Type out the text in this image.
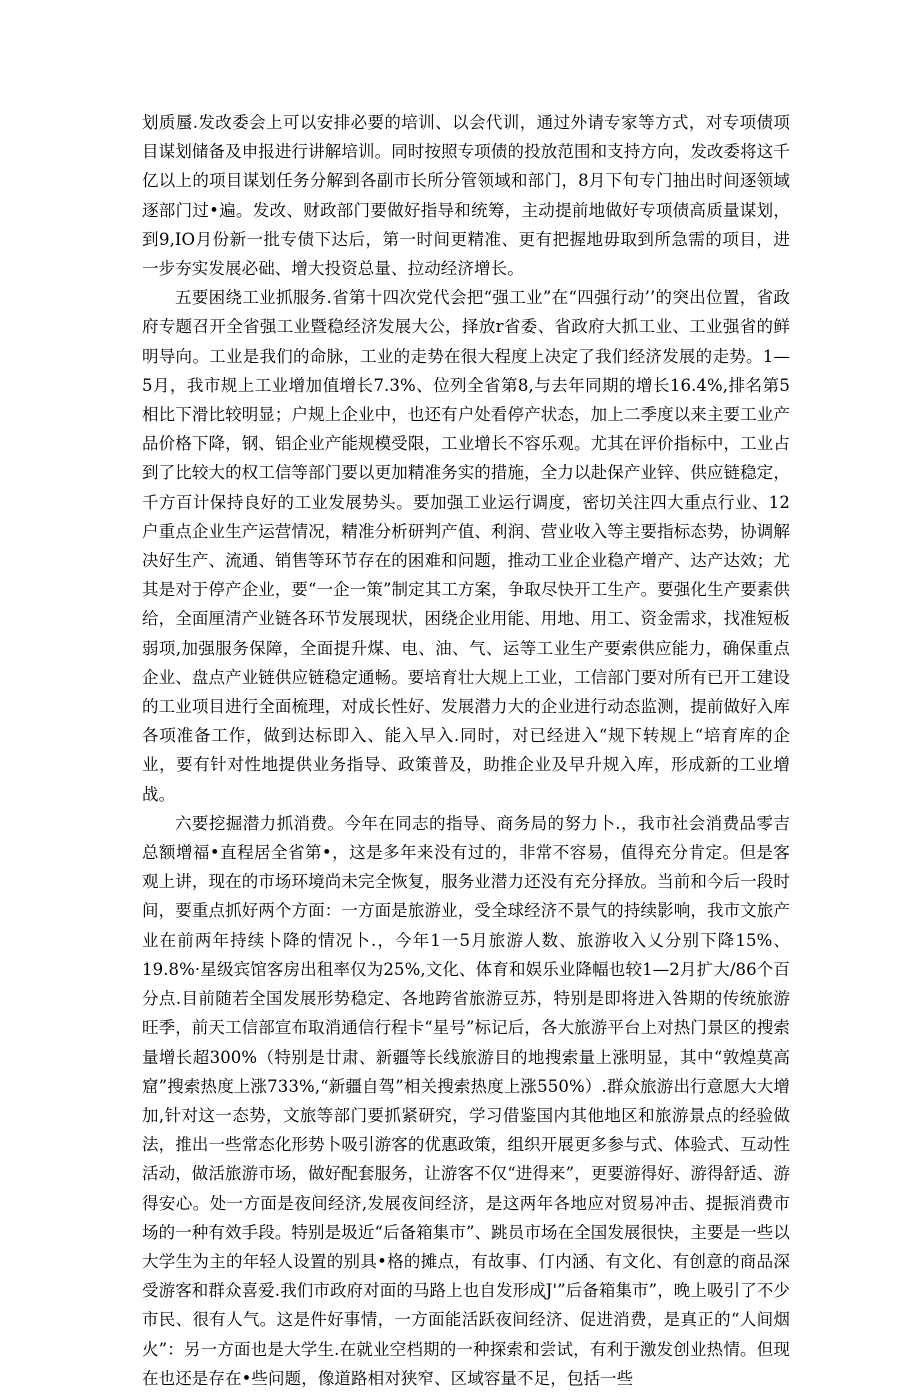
划质蜃.发改委会上可以安排必要的培训、以会代训，通过外请专家等方式，对专项债项目谋划储备及申报进行讲解培训。同时按照专项债的投放范围和支持方向，发改委将这千亿以上的项目谋划任务分解到各副市长所分管领域和部门，8月下旬专门抽出时间逐领域逐部门过•遍。发改、财政部门要做好指导和统筹，主动提前地做好专项债高质量谋划，到9,IO月份新一批专债下达后，第一时间更精准、更有把握地毋取到所急需的项目，进一步夯实发展必础、增大投资总量、拉动经济增长。

五要困绕工业抓服务.省第十四次党代会把“强工业”在“四强行动’’的突出位置，省政府专题召开全省强工业暨稳经济发展大公，择放r省委、省政府大抓工业、工业强省的鲜明导向。工业是我们的命脉，工业的走势在很大程度上决定了我们经济发展的走势。1—5月，我市规上工业增加值增长7.3%、位列全省第8,与去年同期的增长16.4%,排名第5相比下滑比较明显；户规上企业中，也还有户处看停产状态，加上二季度以来主要工业产品价格下降，钢、铝企业产能规模受限，工业增长不容乐观。尤其在评价指标中，工业占到了比较大的权工信等部门要以更加精准务实的措施，全力以赴保产业锌、供应链稳定，千方百计保持良好的工业发展势头。要加强工业运行调度，密切关注四大重点行业、12户重点企业生产运营情况，精准分析研判产值、利润、营业收入等主要指标态势，协调解决好生产、流通、销售等环节存在的困难和问题，推动工业企业稳产增产、达产达效；尤其是对于停产企业，要“一企一策”制定其工方案，争取尽快开工生产。要强化生产要素供给，全面厘清产业链各环节发展现状，困绕企业用能、用地、用工、资金需求，找准短板弱项,加强服务保障，全面提升煤、电、油、气、运等工业生产要索供应能力，确保重点企业、盘点产业链供应链稳定通畅。要培育壮大规上工业，工信部门要对所有已开工建设的工业项目进行全面梳理，对成长性好、发展潜力大的企业进行动态监测，提前做好入库各项准备工作，做到达标即入、能入早入.同时，对已经进入“规下转规上“培育库的企业，要有针对性地提供业务指导、政策普及，助推企业及早升规入库，形成新的工业增战。

六要挖掘潜力抓消费。今年在同志的指导、商务局的努力卜.，我市社会消费品零吉总额增福•直程居全省第•，这是多年来没有过的，非常不容易，值得充分肯定。但是客观上讲，现在的市场环境尚未完全恢复，服务业潜力还没有充分择放。当前和今后一段时间，要重点抓好两个方面：一方面是旅游业，受全球经济不景气的持续影响，我市文旅产业在前两年持续卜降的情况卜.，今年1一5月旅游人数、旅游收入乂分别下降15%、19.8%·星级宾馆客房出租率仅为25%,文化、体育和娱乐业降幅也较1—2月扩大/86个百分点.目前随若全国发展形势稳定、各地跨省旅游豆苏，特别是即将进入咎期的传统旅游旺季，前天工信部宣布取消通信行程卡“星号”标记后，各大旅游平台上对热门景区的搜索量增长超300%（特别是廿肃、新疆等长线旅游目的地搜索量上涨明显，其中“敦煌莫高窟”搜索热度上涨733%,“新疆自驾”相关搜索热度上涨550%）.群众旅游出行意愿大大增加,针对这一态势，文旅等部门要抓紧研究，学习借鉴国内其他地区和旅游景点的经验做法，推出一些常态化形势卜吸引游客的优惠政策，组织开展更多参与式、体验式、互动性活动，做活旅游市场，做好配套服务，让游客不仅“进得来”，更要游得好、游得舒适、游得安心。处一方面是夜间经济,发展夜间经济，是这两年各地应对贸易冲击、提振消费市场的一种有效手段。特别是圾近“后备箱集市”、跳员市场在全国发展很快，主要是一些以大学生为主的年轻人设置的别具•格的摊点，有故事、仃内涵、有文化、有创意的商品深受游客和群众喜爱.我们市政府对面的马路上也自发形成J'”后备箱集市”，晚上吸引了不少市民、很有人气。这是件好事情，一方面能活跃夜间经济、促进消费，是真正的“人间烟火”：另一方面也是大学生.在就业空档期的一种探索和尝试，有利于激发创业热情。但现在也还是存在•些问题，像道路相对狭窄、区域容量不足，包括一些
